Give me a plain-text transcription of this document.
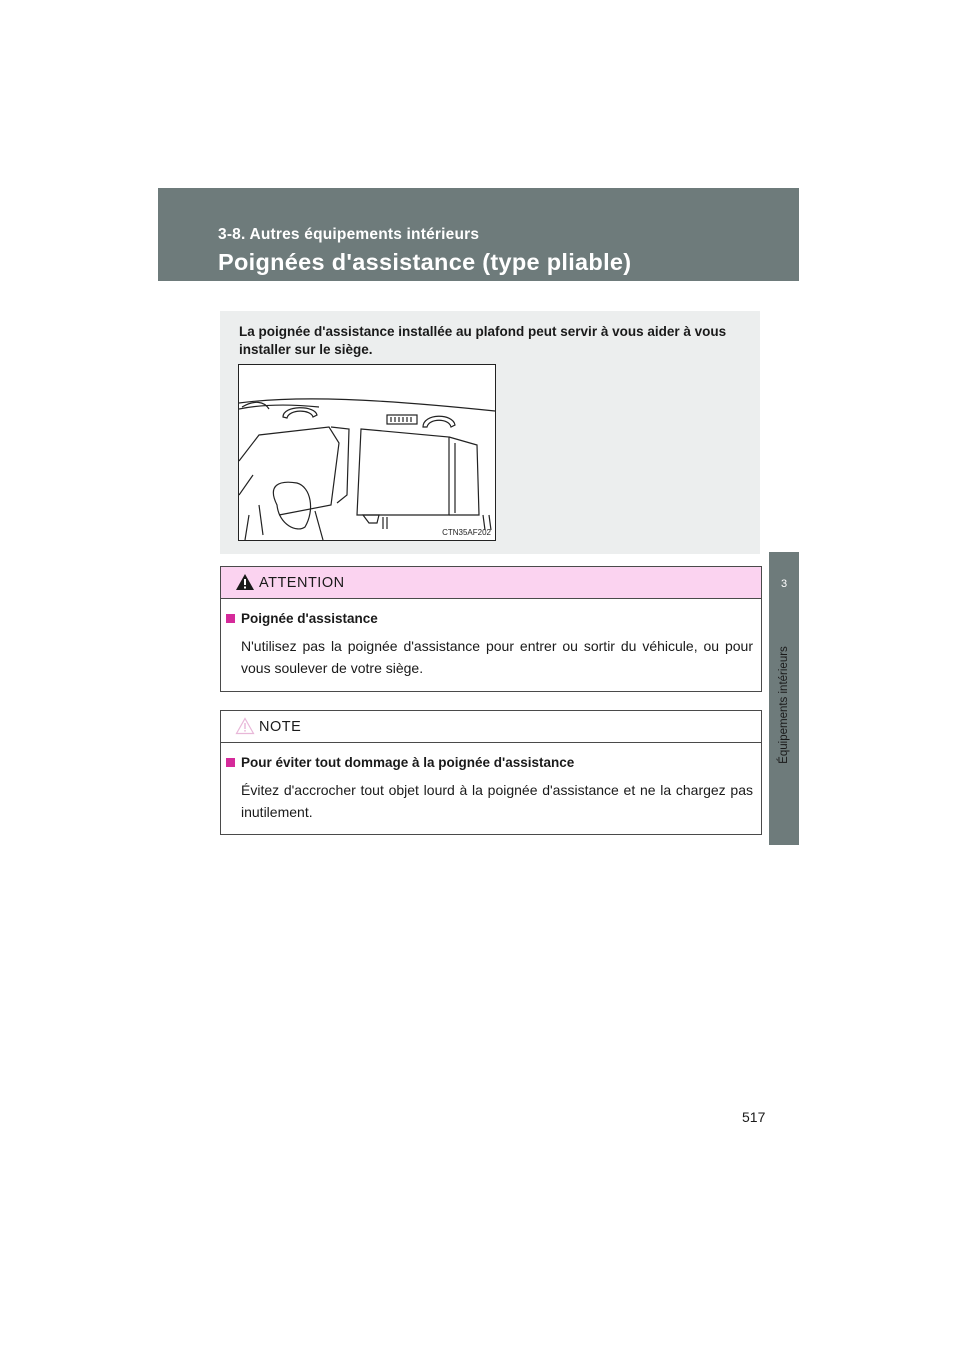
3-8. Autres équipements intérieurs
Poignées d'assistance (type pliable)
3
Équipements intérieurs
La poignée d'assistance installée au plafond peut servir à vous aider à vous installer sur le siège.
CTN35AF202
ATTENTION
Poignée d'assistance
N'utilisez pas la poignée d'assistance pour entrer ou sortir du véhicule, ou pour vous soulever de votre siège.
NOTE
Pour éviter tout dommage à la poignée d'assistance
Évitez d'accrocher tout objet lourd à la poignée d'assistance et ne la chargez pas inutilement.
517
